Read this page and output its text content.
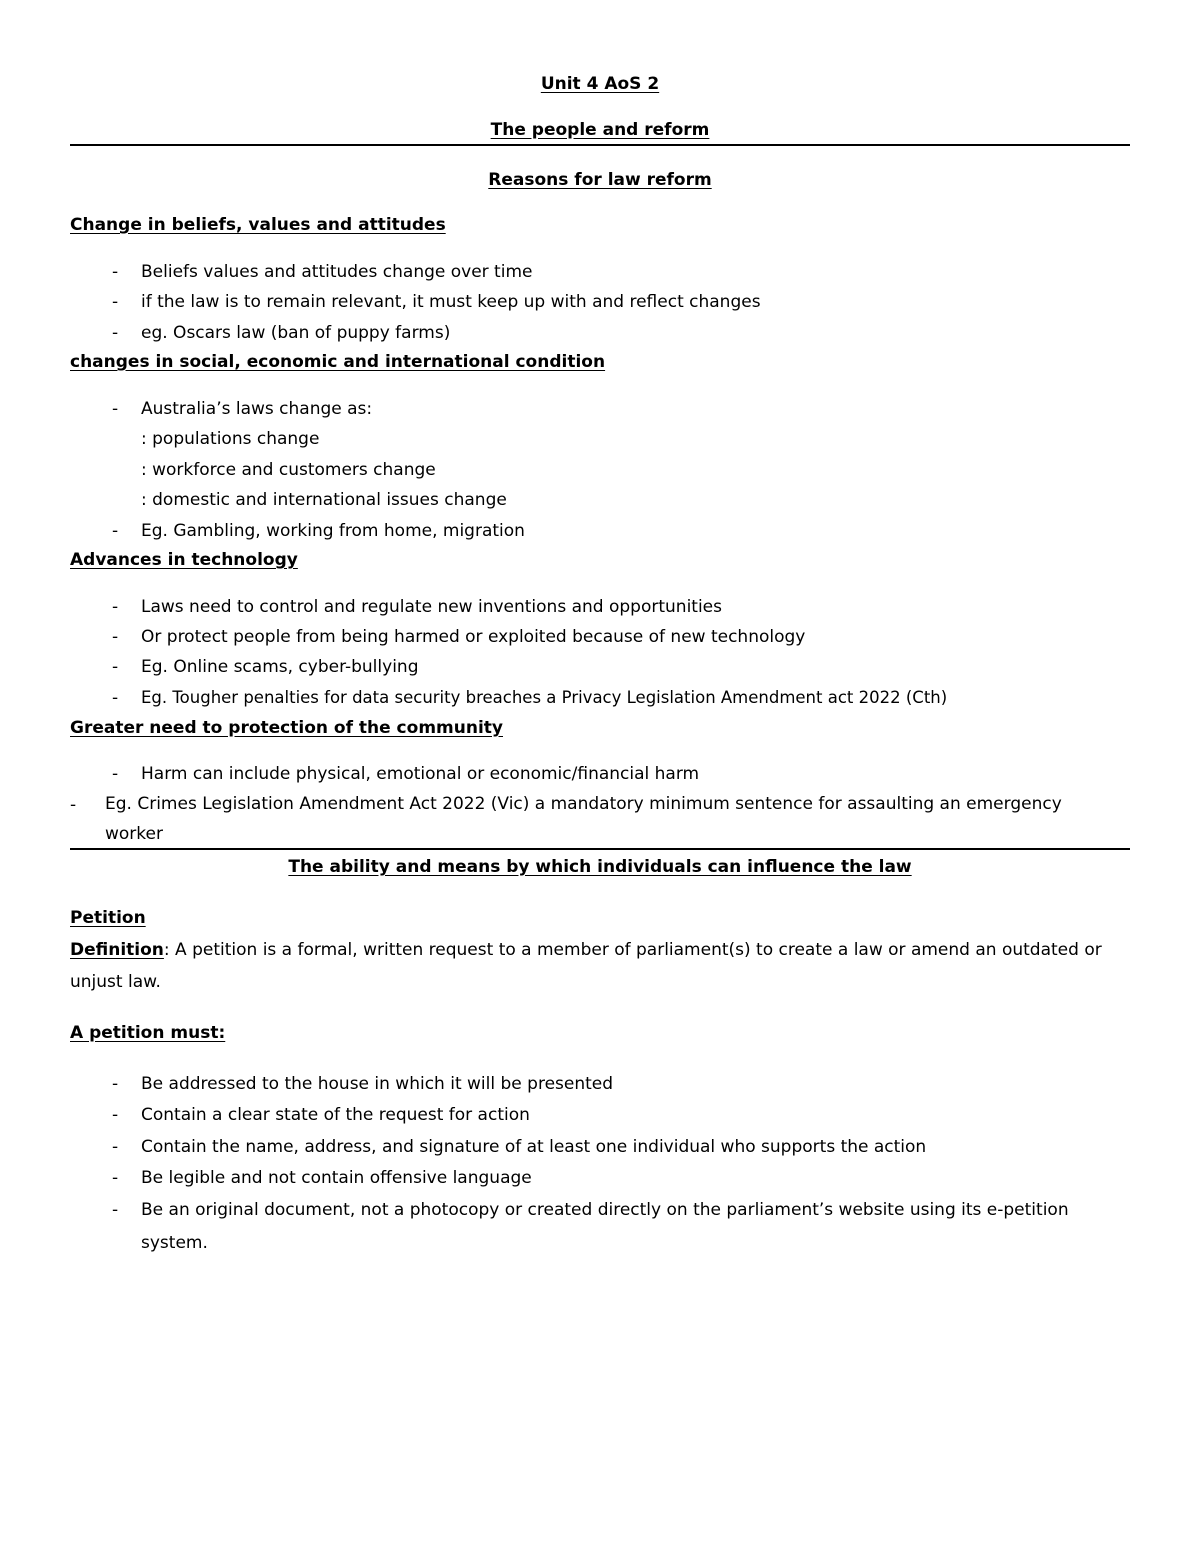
Unit 4 AoS 2
The people and reform
Reasons for law reform
Change in beliefs, values and attitudes
-	Beliefs values and attitudes change over time
-	if the law is to remain relevant, it must keep up with and reflect changes
-	eg. Oscars law (ban of puppy farms)
changes in social, economic and international condition
-	Australia’s laws change as:
: populations change
: workforce and customers change
: domestic and international issues change
-	Eg. Gambling, working from home, migration
Advances in technology
-	Laws need to control and regulate new inventions and opportunities
-	Or protect people from being harmed or exploited because of new technology
-	Eg. Online scams, cyber-bullying
-	Eg. Tougher penalties for data security breaches a Privacy Legislation Amendment act 2022 (Cth)
Greater need to protection of the community
-	Harm can include physical, emotional or economic/financial harm
-	Eg. Crimes Legislation Amendment Act 2022 (Vic) a mandatory minimum sentence for assaulting an emergency worker
The ability and means by which individuals can influence the law
Petition
Definition: A petition is a formal, written request to a member of parliament(s) to create a law or amend an outdated or unjust law.
A petition must:
-	Be addressed to the house in which it will be presented
-	Contain a clear state of the request for action
-	Contain the name, address, and signature of at least one individual who supports the action
-	Be legible and not contain offensive language
-	Be an original document, not a photocopy or created directly on the parliament’s website using its e-petition system.
